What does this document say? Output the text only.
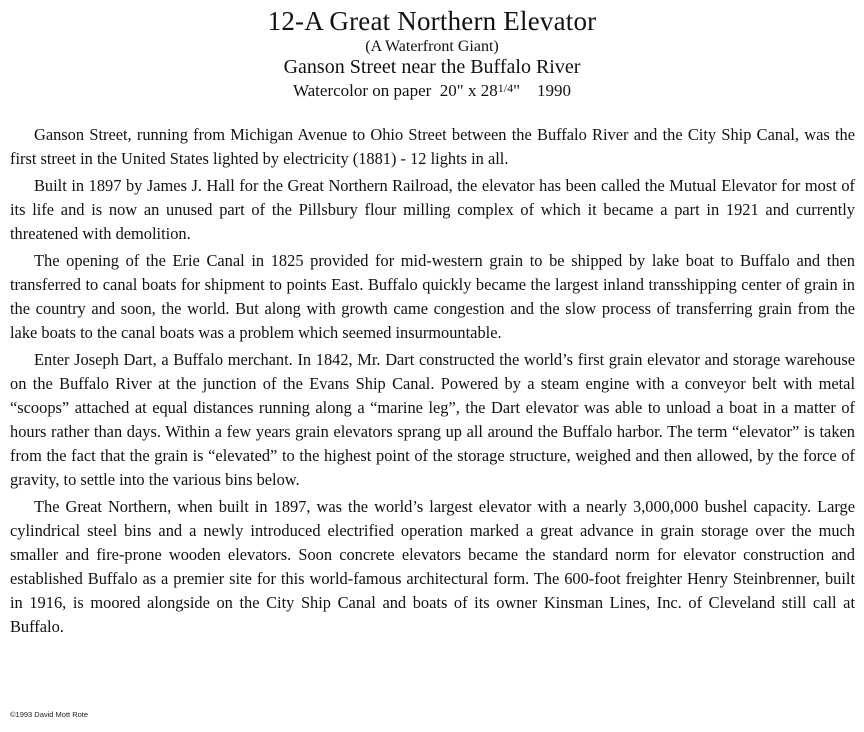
12-A Great Northern Elevator
(A Waterfront Giant)
Ganson Street near the Buffalo River
Watercolor on paper 20" x $28^{1/4}$" 1990

Ganson Street, running from Michigan Avenue to Ohio Street between the Buffalo River and the City Ship Canal, was the first street in the United States lighted by electricity (1881) - 12 lights in all.

Built in 1897 by James J. Hall for the Great Northern Railroad, the elevator has been called the Mutual Elevator for most of its life and is now an unused part of the Pillsbury flour milling complex of which it became a part in 1921 and currently threatened with demolition.

The opening of the Erie Canal in 1825 provided for mid-western grain to be shipped by lake boat to Buffalo and then transferred to canal boats for shipment to points East. Buffalo quickly became the largest inland transshipping center of grain in the country and soon, the world. But along with growth came congestion and the slow process of transferring grain from the lake boats to the canal boats was a problem which seemed insurmountable.

Enter Joseph Dart, a Buffalo merchant. In 1842, Mr. Dart constructed the world’s first grain elevator and storage warehouse on the Buffalo River at the junction of the Evans Ship Canal. Powered by a steam engine with a conveyor belt with metal “scoops” attached at equal distances running along a “marine leg”, the Dart elevator was able to unload a boat in a matter of hours rather than days. Within a few years grain elevators sprang up all around the Buffalo harbor. The term “elevator” is taken from the fact that the grain is “elevated” to the highest point of the storage structure, weighed and then allowed, by the force of gravity, to settle into the various bins below.

The Great Northern, when built in 1897, was the world’s largest elevator with a nearly 3,000,000 bushel capacity. Large cylindrical steel bins and a newly introduced electrified operation marked a great advance in grain storage over the much smaller and fire-prone wooden elevators. Soon concrete elevators became the standard norm for elevator construction and established Buffalo as a premier site for this world-famous architectural form. The 600-foot freighter Henry Steinbrenner, built in 1916, is moored alongside on the City Ship Canal and boats of its owner Kinsman Lines, Inc. of Cleveland still call at Buffalo.

©1993 David Mott Rote
